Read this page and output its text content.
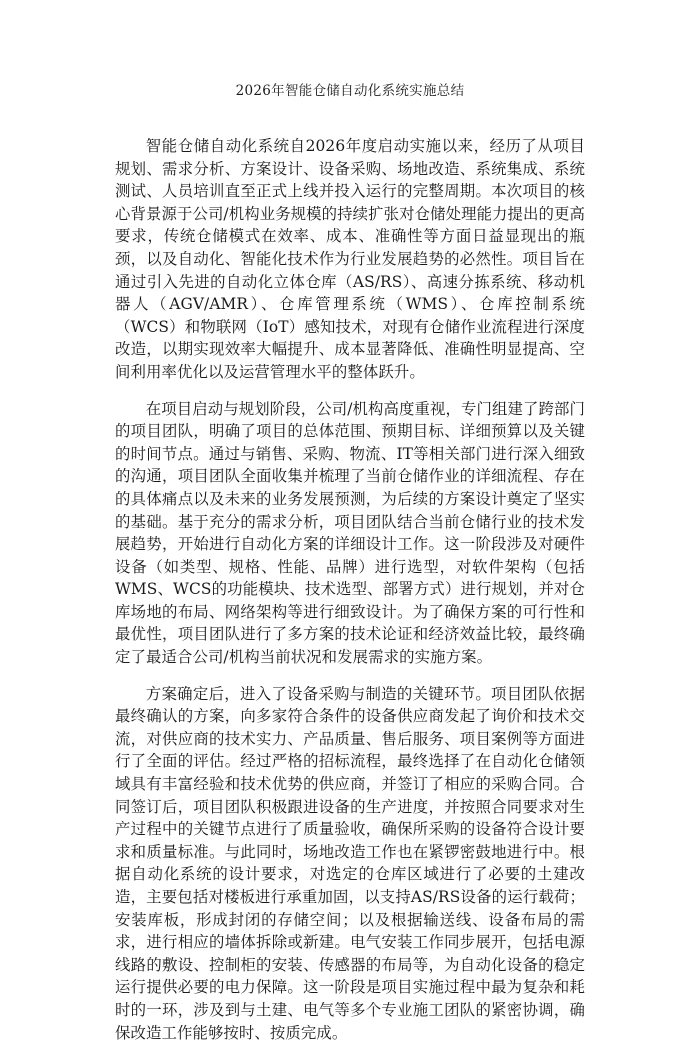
2026年智能仓储自动化系统实施总结

智能仓储自动化系统自2026年度启动实施以来，经历了从项目规划、需求分析、方案设计、设备采购、场地改造、系统集成、系统测试、人员培训直至正式上线并投入运行的完整周期。本次项目的核心背景源于公司/机构业务规模的持续扩张对仓储处理能力提出的更高要求，传统仓储模式在效率、成本、准确性等方面日益显现出的瓶颈，以及自动化、智能化技术作为行业发展趋势的必然性。项目旨在通过引入先进的自动化立体仓库（AS/RS）、高速分拣系统、移动机器人（AGV/AMR）、仓库管理系统（WMS）、仓库控制系统（WCS）和物联网（IoT）感知技术，对现有仓储作业流程进行深度改造，以期实现效率大幅提升、成本显著降低、准确性明显提高、空间利用率优化以及运营管理水平的整体跃升。

在项目启动与规划阶段，公司/机构高度重视，专门组建了跨部门的项目团队，明确了项目的总体范围、预期目标、详细预算以及关键的时间节点。通过与销售、采购、物流、IT等相关部门进行深入细致的沟通，项目团队全面收集并梳理了当前仓储作业的详细流程、存在的具体痛点以及未来的业务发展预测，为后续的方案设计奠定了坚实的基础。基于充分的需求分析，项目团队结合当前仓储行业的技术发展趋势，开始进行自动化方案的详细设计工作。这一阶段涉及对硬件设备（如类型、规格、性能、品牌）进行选型，对软件架构（包括WMS、WCS的功能模块、技术选型、部署方式）进行规划，并对仓库场地的布局、网络架构等进行细致设计。为了确保方案的可行性和最优性，项目团队进行了多方案的技术论证和经济效益比较，最终确定了最适合公司/机构当前状况和发展需求的实施方案。

方案确定后，进入了设备采购与制造的关键环节。项目团队依据最终确认的方案，向多家符合条件的设备供应商发起了询价和技术交流，对供应商的技术实力、产品质量、售后服务、项目案例等方面进行了全面的评估。经过严格的招标流程，最终选择了在自动化仓储领域具有丰富经验和技术优势的供应商，并签订了相应的采购合同。合同签订后，项目团队积极跟进设备的生产进度，并按照合同要求对生产过程中的关键节点进行了质量验收，确保所采购的设备符合设计要求和质量标准。与此同时，场地改造工作也在紧锣密鼓地进行中。根据自动化系统的设计要求，对选定的仓库区域进行了必要的土建改造，主要包括对楼板进行承重加固，以支持AS/RS设备的运行载荷；安装库板，形成封闭的存储空间；以及根据输送线、设备布局的需求，进行相应的墙体拆除或新建。电气安装工作同步展开，包括电源线路的敷设、控制柜的安装、传感器的布局等，为自动化设备的稳定运行提供必要的电力保障。这一阶段是项目实施过程中最为复杂和耗时的一环，涉及到与土建、电气等多个专业施工团队的紧密协调，确保改造工作能够按时、按质完成。
